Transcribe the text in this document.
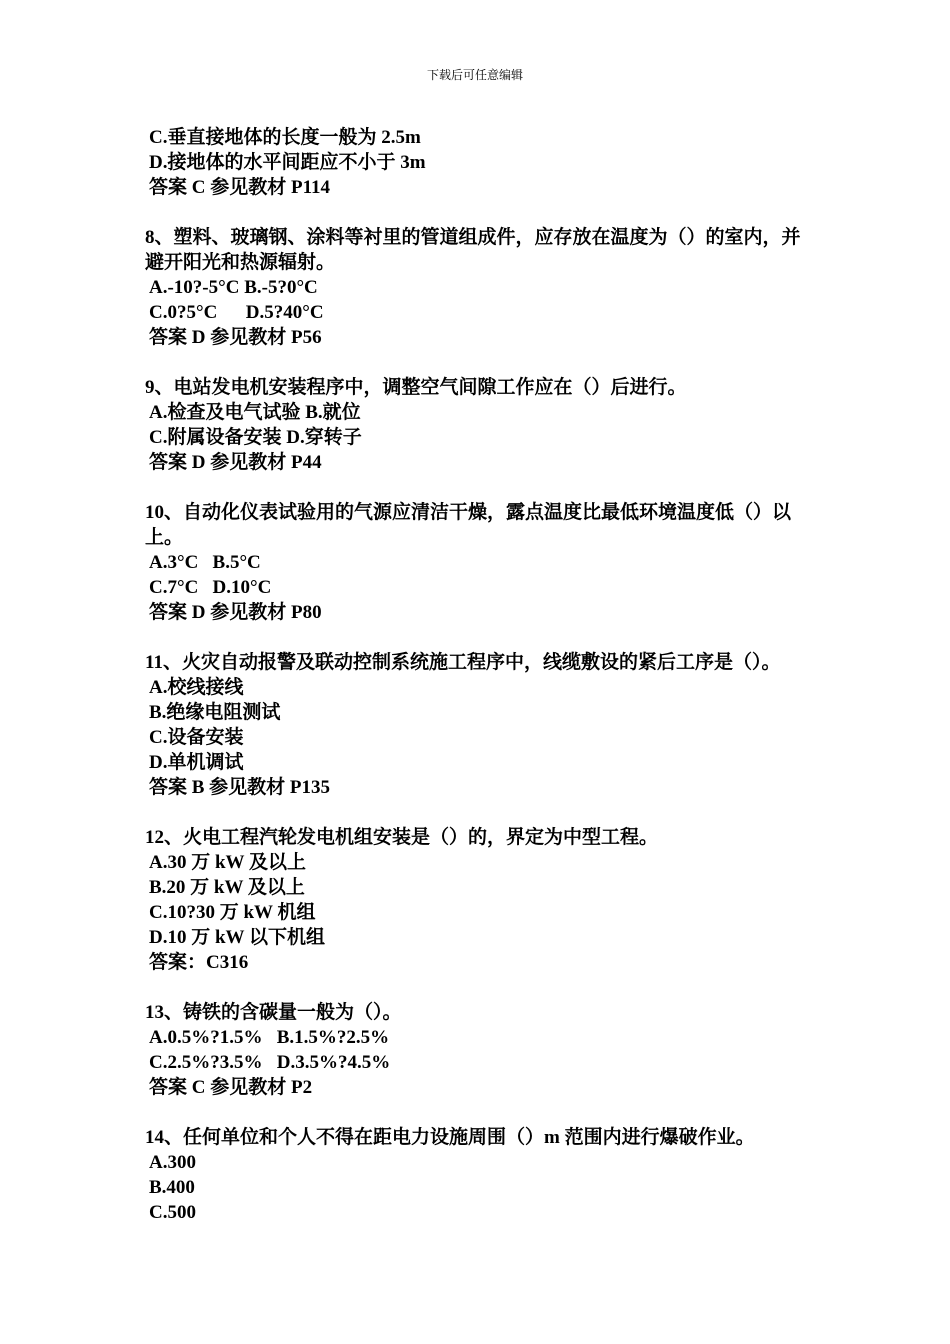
下载后可任意编辑
C.垂直接地体的长度一般为 2.5m
D.接地体的水平间距应不小于 3m
答案 C 参见教材 P114
8、塑料、玻璃钢、涂料等衬里的管道组成件，应存放在温度为（）的室内，并避开阳光和热源辐射。
A.-10?-5°C B.-5?0°C
C.0?5°C      D.5?40°C
答案 D 参见教材 P56
9、电站发电机安装程序中，调整空气间隙工作应在（）后进行。
A.检查及电气试验 B.就位
C.附属设备安装 D.穿转子
答案 D 参见教材 P44
10、自动化仪表试验用的气源应清洁干燥，露点温度比最低环境温度低（）以上。
A.3°C   B.5°C
C.7°C   D.10°C
答案 D 参见教材 P80
11、火灾自动报警及联动控制系统施工程序中，线缆敷设的紧后工序是（）。
A.校线接线
B.绝缘电阻测试
C.设备安装
D.单机调试
答案 B 参见教材 P135
12、火电工程汽轮发电机组安装是（）的，界定为中型工程。
A.30 万 kW 及以上
B.20 万 kW 及以上
C.10?30 万 kW 机组
D.10 万 kW 以下机组
答案：C316
13、铸铁的含碳量一般为（）。
A.0.5%?1.5%   B.1.5%?2.5%
C.2.5%?3.5%   D.3.5%?4.5%
答案 C 参见教材 P2
14、任何单位和个人不得在距电力设施周围（）m 范围内进行爆破作业。
A.300
B.400
C.500
